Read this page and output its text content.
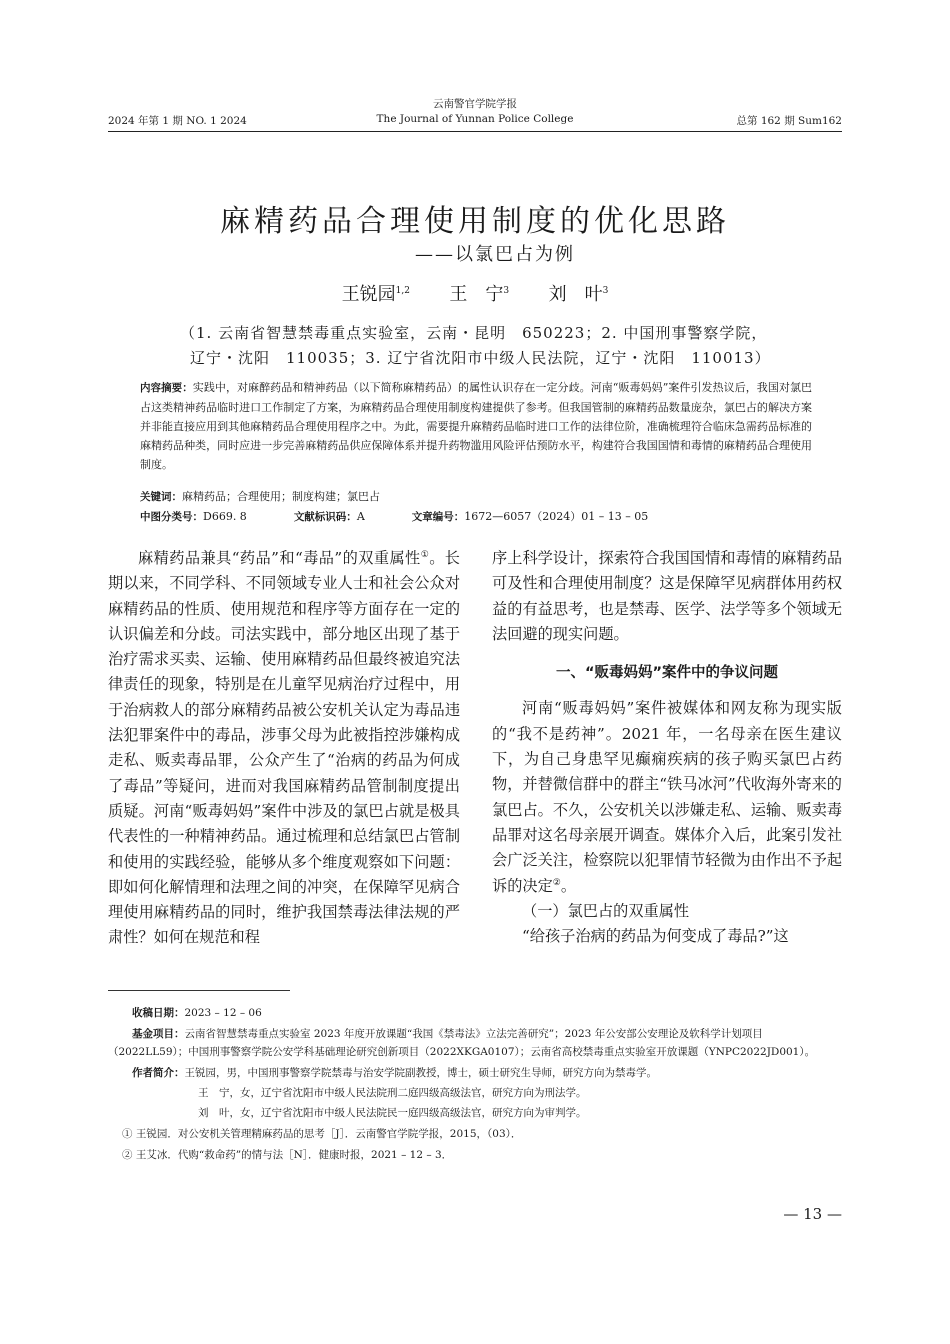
云南警官学院学报
2024 年第 1 期 NO. 1 2024	The Journal of Yunnan Police College	总第 162 期 Sum162
麻精药品合理使用制度的优化思路
——以氯巴占为例
王锐园$^{1,2}$ 王　宁$^3$ 刘　叶$^3$
（1. 云南省智慧禁毒重点实验室，云南・昆明　650223；2. 中国刑事警察学院，
辽宁・沈阳　110035；3. 辽宁省沈阳市中级人民法院，辽宁・沈阳　110013）
内容摘要：实践中，对麻醉药品和精神药品（以下简称麻精药品）的属性认识存在一定分歧。河南“贩毒妈妈”案件引发热议后，我国对氯巴占这类精神药品临时进口工作制定了方案，为麻精药品合理使用制度构建提供了参考。但我国管制的麻精药品数量庞杂，氯巴占的解决方案并非能直接应用到其他麻精药品合理使用程序之中。为此，需要提升麻精药品临时进口工作的法律位阶，准确梳理符合临床急需药品标准的麻精药品种类，同时应进一步完善麻精药品供应保障体系并提升药物滥用风险评估预防水平，构建符合我国国情和毒情的麻精药品合理使用制度。
关键词：麻精药品；合理使用；制度构建；氯巴占
中图分类号：D669. 8	文献标识码：A	文章编号：1672—6057（2024）01 – 13 – 05

麻精药品兼具“药品”和“毒品”的双重属性①。长期以来，不同学科、不同领域专业人士和社会公众对麻精药品的性质、使用规范和程序等方面存在一定的认识偏差和分歧。司法实践中，部分地区出现了基于治疗需求买卖、运输、使用麻精药品但最终被追究法律责任的现象，特别是在儿童罕见病治疗过程中，用于治病救人的部分麻精药品被公安机关认定为毒品违法犯罪案件中的毒品，涉事父母为此被指控涉嫌构成走私、贩卖毒品罪，公众产生了“治病的药品为何成了毒品”等疑问，进而对我国麻精药品管制制度提出质疑。河南“贩毒妈妈”案件中涉及的氯巴占就是极具代表性的一种精神药品。通过梳理和总结氯巴占管制和使用的实践经验，能够从多个维度观察如下问题：即如何化解情理和法理之间的冲突，在保障罕见病合理使用麻精药品的同时，维护我国禁毒法律法规的严肃性？如何在规范和程

序上科学设计，探索符合我国国情和毒情的麻精药品可及性和合理使用制度？这是保障罕见病群体用药权益的有益思考，也是禁毒、医学、法学等多个领域无法回避的现实问题。

一、“贩毒妈妈”案件中的争议问题

河南“贩毒妈妈”案件被媒体和网友称为现实版的“我不是药神”。2021 年，一名母亲在医生建议下，为自己身患罕见癫痫疾病的孩子购买氯巴占药物，并替微信群中的群主“铁马冰河”代收海外寄来的氯巴占。不久，公安机关以涉嫌走私、运输、贩卖毒品罪对这名母亲展开调查。媒体介入后，此案引发社会广泛关注，检察院以犯罪情节轻微为由作出不予起诉的决定②。

（一）氯巴占的双重属性

“给孩子治病的药品为何变成了毒品?”这

收稿日期：2023 – 12 – 06

基金项目：云南省智慧禁毒重点实验室 2023 年度开放课题“我国《禁毒法》立法完善研究”；2023 年公安部公安理论及软科学计划项目（2022LL59）；中国刑事警察学院公安学科基础理论研究创新项目（2022XKGA0107）；云南省高校禁毒重点实验室开放课题（YNPC2022JD001）。

作者简介：王锐园，男，中国刑事警察学院禁毒与治安学院副教授，博士，硕士研究生导师，研究方向为禁毒学。

王　宁，女，辽宁省沈阳市中级人民法院刑二庭四级高级法官，研究方向为刑法学。

刘　叶，女，辽宁省沈阳市中级人民法院民一庭四级高级法官，研究方向为审判学。

① 王锐园．对公安机关管理精麻药品的思考［J］．云南警官学院学报，2015，（03）．

② 王艾冰．代购“救命药”的情与法［N］．健康时报，2021 – 12 – 3．

— 13 —
